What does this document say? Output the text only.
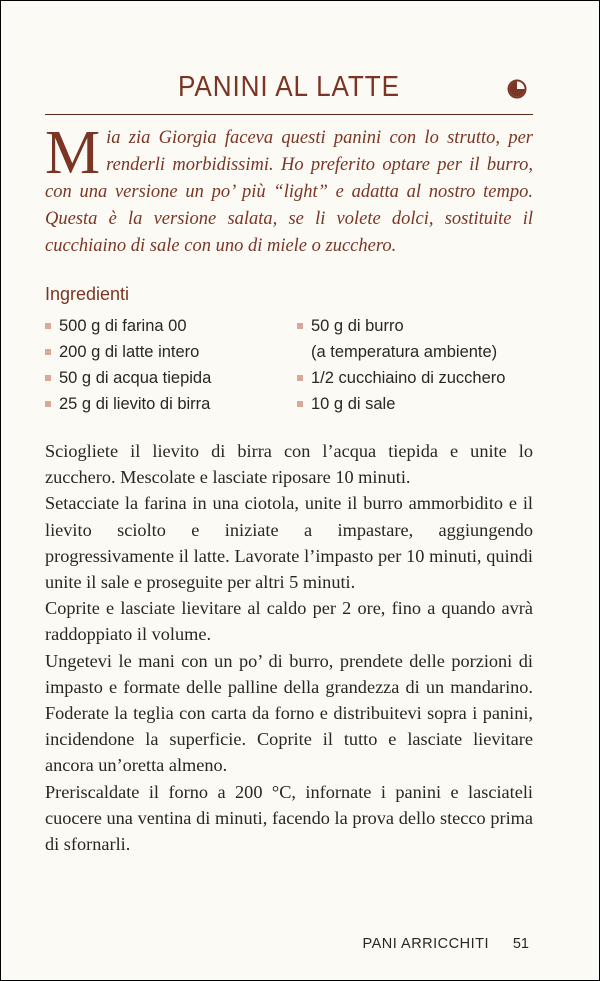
PANINI AL LATTE
Mia zia Giorgia faceva questi panini con lo strutto, per renderli morbidissimi. Ho preferito optare per il burro, con una versione un po’ più “light” e adatta al nostro tempo. Questa è la versione salata, se li volete dolci, sostituite il cucchiaino di sale con uno di miele o zucchero.
Ingredienti
500 g di farina 00
200 g di latte intero
50 g di acqua tiepida
25 g di lievito di birra
50 g di burro
(a temperatura ambiente)
1/2 cucchiaino di zucchero
10 g di sale

Sciogliete il lievito di birra con l’acqua tiepida e unite lo zucchero. Mescolate e lasciate riposare 10 minuti.

Setacciate la farina in una ciotola, unite il burro ammorbidito e il lievito sciolto e iniziate a impastare, aggiungendo progressivamente il latte. Lavorate l’impasto per 10 minuti, quindi unite il sale e proseguite per altri 5 minuti.

Coprite e lasciate lievitare al caldo per 2 ore, fino a quando avrà raddoppiato il volume.

Ungetevi le mani con un po’ di burro, prendete delle porzioni di impasto e formate delle palline della grandezza di un mandarino. Foderate la teglia con carta da forno e distribuitevi sopra i panini, incidendone la superficie. Coprite il tutto e lasciate lievitare ancora un’oretta almeno.

Preriscaldate il forno a 200 °C, infornate i panini e lasciateli cuocere una ventina di minuti, facendo la prova dello stecco prima di sfornarli.

PANI ARRICCHITI 51
